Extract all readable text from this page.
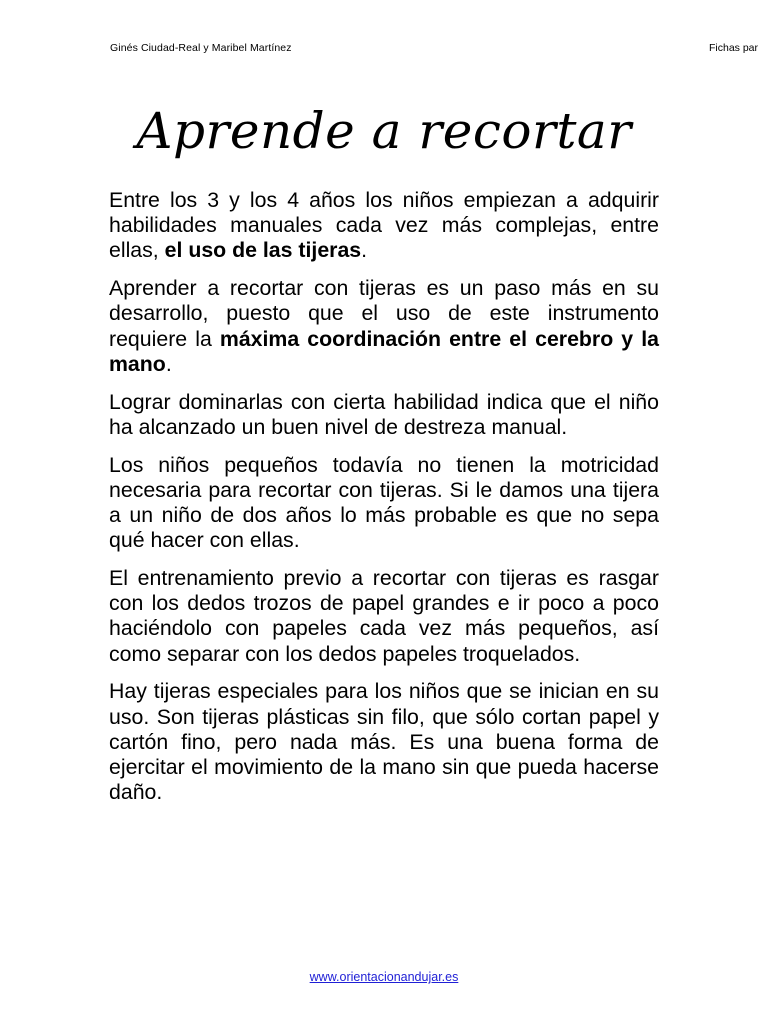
Ginés Ciudad-Real y Maribel Martínez	Fichas par
Aprende a recortar

Entre los 3 y los 4 años los niños empiezan a adquirir habilidades manuales cada vez más complejas, entre ellas, el uso de las tijeras.

Aprender a recortar con tijeras es un paso más en su desarrollo, puesto que el uso de este instrumento requiere la máxima coordinación entre el cerebro y la mano.

Lograr dominarlas con cierta habilidad indica que el niño ha alcanzado un buen nivel de destreza manual.

Los niños pequeños todavía no tienen la motricidad necesaria para recortar con tijeras. Si le damos una tijera a un niño de dos años lo más probable es que no sepa qué hacer con ellas.

El entrenamiento previo a recortar con tijeras es rasgar con los dedos trozos de papel grandes e ir poco a poco haciéndolo con papeles cada vez más pequeños, así como separar con los dedos papeles troquelados.

Hay tijeras especiales para los niños que se inician en su uso. Son tijeras plásticas sin filo, que sólo cortan papel y cartón fino, pero nada más. Es una buena forma de ejercitar el movimiento de la mano sin que pueda hacerse daño.

www.orientacionandujar.es
